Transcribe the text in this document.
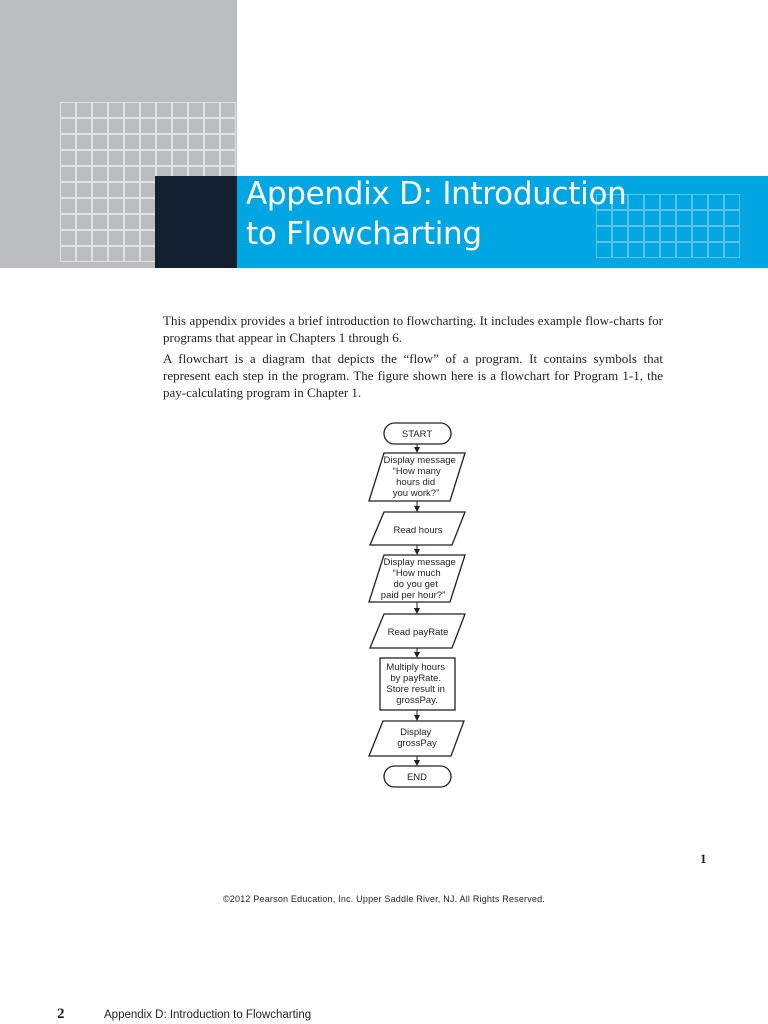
Appendix D: Introduction
to Flowcharting

This appendix provides a brief introduction to flowcharting. It includes example flow-charts for programs that appear in Chapters 1 through 6.

A flowchart is a diagram that depicts the “flow” of a program. It contains symbols that represent each step in the program. The figure shown here is a flowchart for Program 1-1, the pay-calculating program in Chapter 1.

START
Display message “How many hours did you work?”
Read hours
Display message “How much do you get paid per hour?”
Read payRate
Multiply hours by payRate. Store result in grossPay.
Display grossPay
END

1

©2012 Pearson Education, Inc. Upper Saddle River, NJ. All Rights Reserved.

2	Appendix D: Introduction to Flowcharting
